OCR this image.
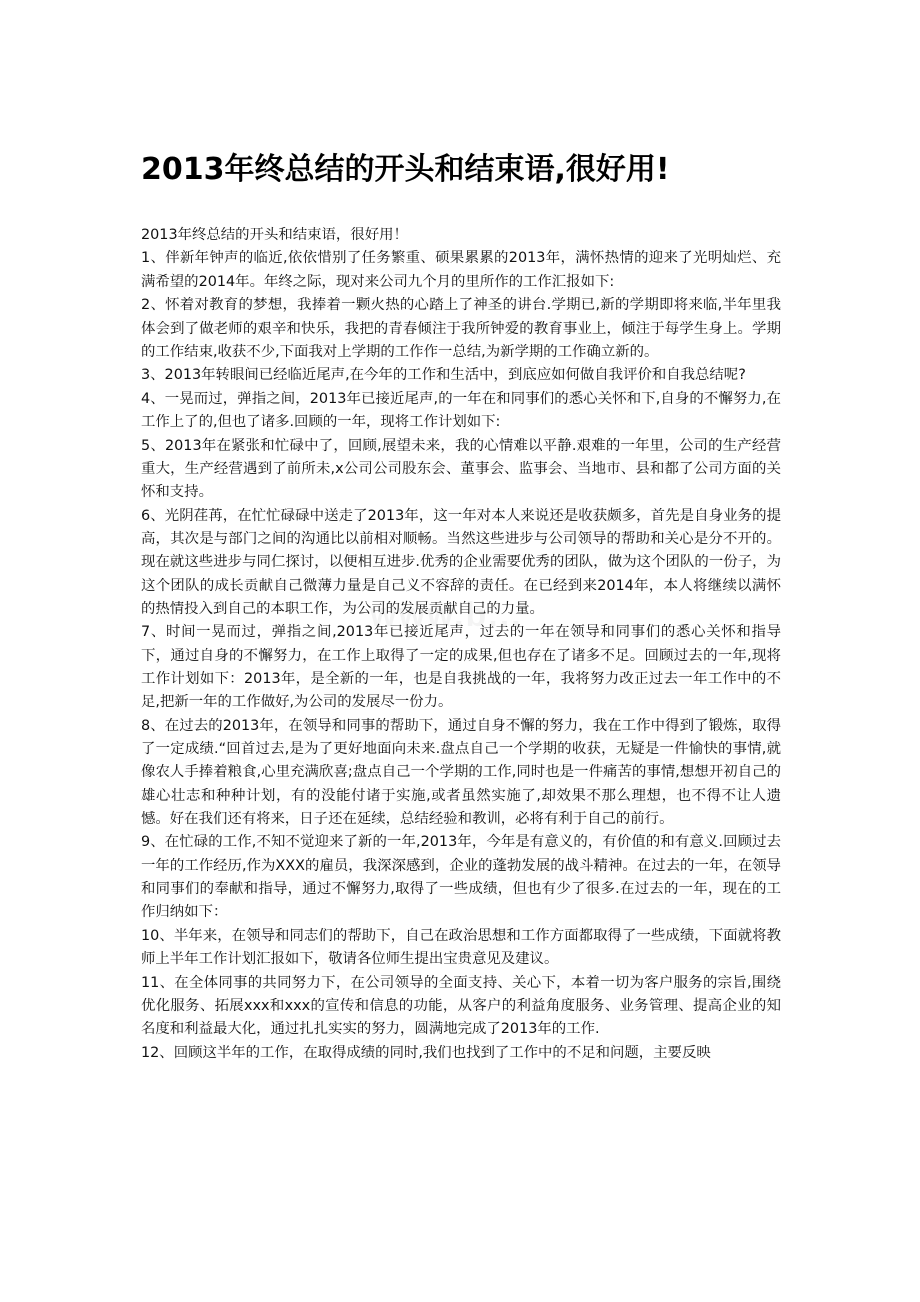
2013年终总结的开头和结束语,很好用!

2013年终总结的开头和结束语，很好用！

1、伴新年钟声的临近,依依惜别了任务繁重、硕果累累的2013年，满怀热情的迎来了光明灿烂、充满希望的2014年。年终之际，现对来公司九个月的里所作的工作汇报如下:

2、怀着对教育的梦想，我捧着一颗火热的心踏上了神圣的讲台.学期已,新的学期即将来临,半年里我体会到了做老师的艰辛和快乐，我把的青春倾注于我所钟爱的教育事业上，倾注于每学生身上。学期的工作结束,收获不少,下面我对上学期的工作作一总结,为新学期的工作确立新的。

3、2013年转眼间已经临近尾声,在今年的工作和生活中，到底应如何做自我评价和自我总结呢?

4、一晃而过，弹指之间，2013年已接近尾声,的一年在和同事们的悉心关怀和下,自身的不懈努力,在工作上了的,但也了诸多.回顾的一年，现将工作计划如下:

5、2013年在紧张和忙碌中了，回顾,展望未来，我的心情难以平静.艰难的一年里，公司的生产经营重大，生产经营遇到了前所未,x公司公司股东会、董事会、监事会、当地市、县和都了公司方面的关怀和支持。

6、光阴荏苒，在忙忙碌碌中送走了2013年，这一年对本人来说还是收获颇多，首先是自身业务的提高，其次是与部门之间的沟通比以前相对顺畅。当然这些进步与公司领导的帮助和关心是分不开的。现在就这些进步与同仁探讨，以便相互进步.优秀的企业需要优秀的团队，做为这个团队的一份子，为这个团队的成长贡献自己微薄力量是自己义不容辞的责任。在已经到来2014年，本人将继续以满怀的热情投入到自己的本职工作，为公司的发展贡献自己的力量。

7、时间一晃而过，弹指之间,2013年已接近尾声，过去的一年在领导和同事们的悉心关怀和指导下，通过自身的不懈努力，在工作上取得了一定的成果,但也存在了诸多不足。回顾过去的一年,现将工作计划如下：2013年，是全新的一年，也是自我挑战的一年，我将努力改正过去一年工作中的不足,把新一年的工作做好,为公司的发展尽一份力。

8、在过去的2013年，在领导和同事的帮助下，通过自身不懈的努力，我在工作中得到了锻炼，取得了一定成绩.“回首过去,是为了更好地面向未来.盘点自己一个学期的收获，无疑是一件愉快的事情,就像农人手捧着粮食,心里充满欣喜;盘点自己一个学期的工作,同时也是一件痛苦的事情,想想开初自己的雄心壮志和种种计划，有的没能付诸于实施,或者虽然实施了,却效果不那么理想，也不得不让人遗憾。好在我们还有将来，日子还在延续，总结经验和教训，必将有利于自己的前行。

9、在忙碌的工作,不知不觉迎来了新的一年,2013年，今年是有意义的，有价值的和有意义.回顾过去一年的工作经历,作为XXX的雇员，我深深感到，企业的蓬勃发展的战斗精神。在过去的一年，在领导和同事们的奉献和指导，通过不懈努力,取得了一些成绩，但也有少了很多.在过去的一年，现在的工作归纳如下：

10、半年来，在领导和同志们的帮助下，自己在政治思想和工作方面都取得了一些成绩，下面就将教师上半年工作计划汇报如下，敬请各位师生提出宝贵意见及建议。

11、在全体同事的共同努力下，在公司领导的全面支持、关心下，本着一切为客户服务的宗旨,围绕优化服务、拓展xxx和xxx的宣传和信息的功能，从客户的利益角度服务、业务管理、提高企业的知名度和利益最大化，通过扎扎实实的努力，圆满地完成了2013年的工作.

12、回顾这半年的工作，在取得成绩的同时,我们也找到了工作中的不足和问题，主要反映
